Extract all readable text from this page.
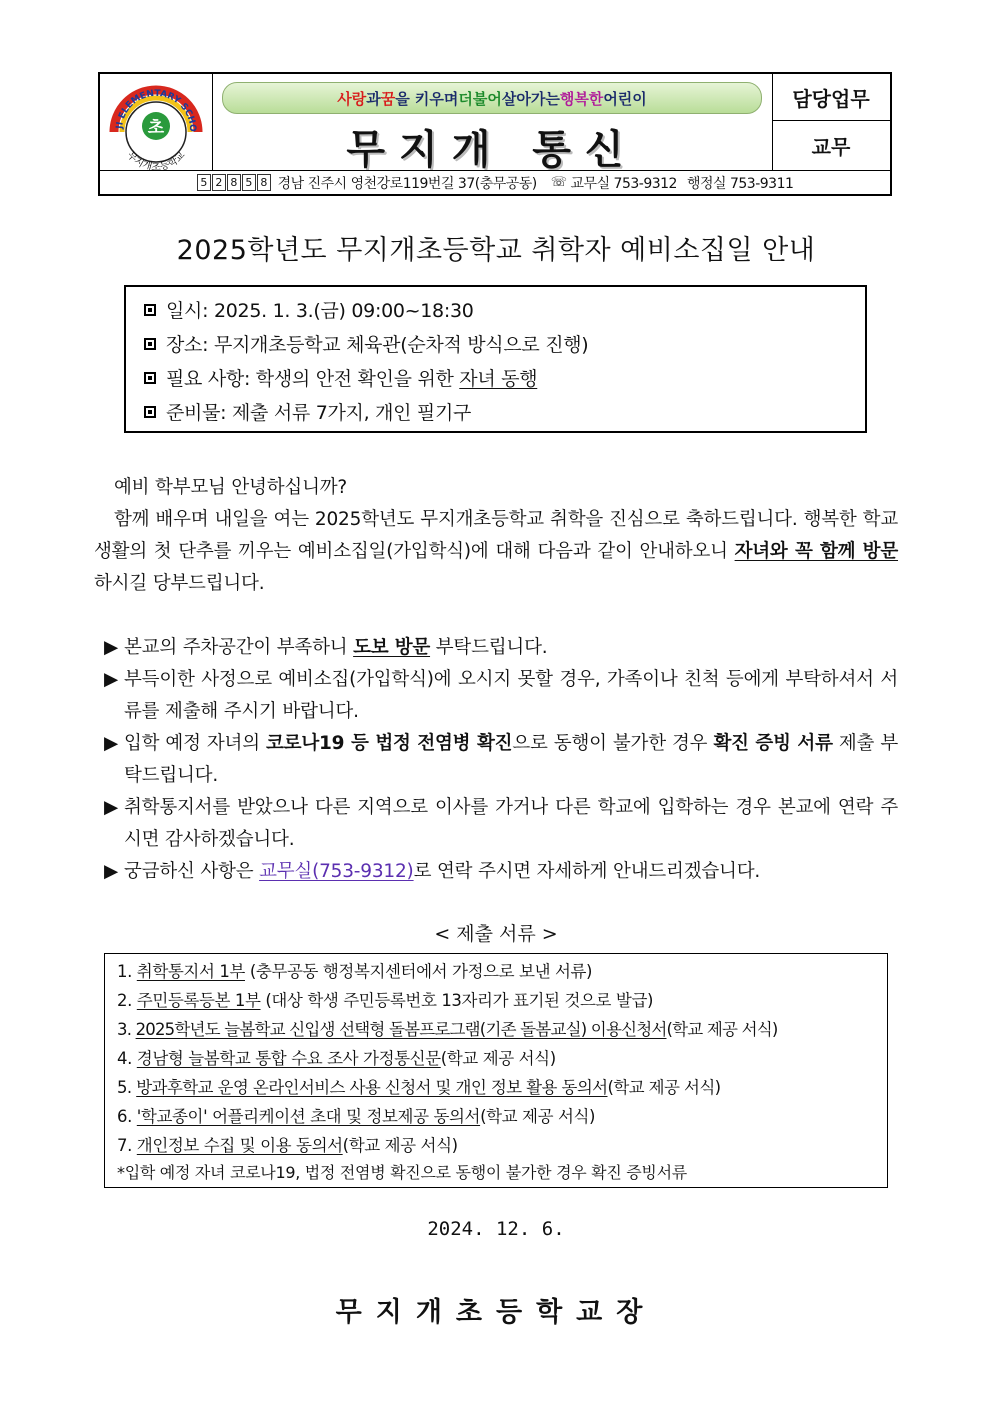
초
JI ELEMENTARY SCHO
무지개초등학교
사랑 과 꿈 을 키우며 더불어 살아가는 행복한 어린이
무지개 통신
담당업무
교무
5 2 8 5 8 경남 진주시 영천강로119번길 37(충무공동) ☏ 교무실 753-9312 행정실 753-9311
2025학년도 무지개초등학교 취학자 예비소집일 안내
일시: 2025. 1. 3.(금) 09:00~18:30
장소: 무지개초등학교 체육관(순차적 방식으로 진행)
필요 사항: 학생의 안전 확인을 위한 자녀 동행
준비물: 제출 서류 7가지, 개인 필기구
예비 학부모님 안녕하십니까?
함께 배우며 내일을 여는 2025학년도 무지개초등학교 취학을 진심으로 축하드립니다. 행복한 학교 생활의 첫 단추를 끼우는 예비소집일(가입학식)에 대해 다음과 같이 안내하오니 자녀와 꼭 함께 방문하시길 당부드립니다.
▶ 본교의 주차공간이 부족하니 도보 방문 부탁드립니다.
▶ 부득이한 사정으로 예비소집(가입학식)에 오시지 못할 경우, 가족이나 친척 등에게 부탁하셔서 서류를 제출해 주시기 바랍니다.
▶ 입학 예정 자녀의 코로나19 등 법정 전염병 확진으로 동행이 불가한 경우 확진 증빙 서류 제출 부탁드립니다.
▶ 취학통지서를 받았으나 다른 지역으로 이사를 가거나 다른 학교에 입학하는 경우 본교에 연락 주시면 감사하겠습니다.
▶ 궁금하신 사항은 교무실(753-9312)로 연락 주시면 자세하게 안내드리겠습니다.
< 제출 서류 >
1. 취학통지서 1부 (충무공동 행정복지센터에서 가정으로 보낸 서류)
2. 주민등록등본 1부 (대상 학생 주민등록번호 13자리가 표기된 것으로 발급)
3. 2025학년도 늘봄학교 신입생 선택형 돌봄프로그램(기존 돌봄교실) 이용신청서(학교 제공 서식)
4. 경남형 늘봄학교 통합 수요 조사 가정통신문(학교 제공 서식)
5. 방과후학교 운영 온라인서비스 사용 신청서 및 개인 정보 활용 동의서(학교 제공 서식)
6. '학교종이' 어플리케이션 초대 및 정보제공 동의서(학교 제공 서식)
7. 개인정보 수집 및 이용 동의서(학교 제공 서식)
*입학 예정 자녀 코로나19, 법정 전염병 확진으로 동행이 불가한 경우 확진 증빙서류
2024. 12. 6.
무지개초등학교장
